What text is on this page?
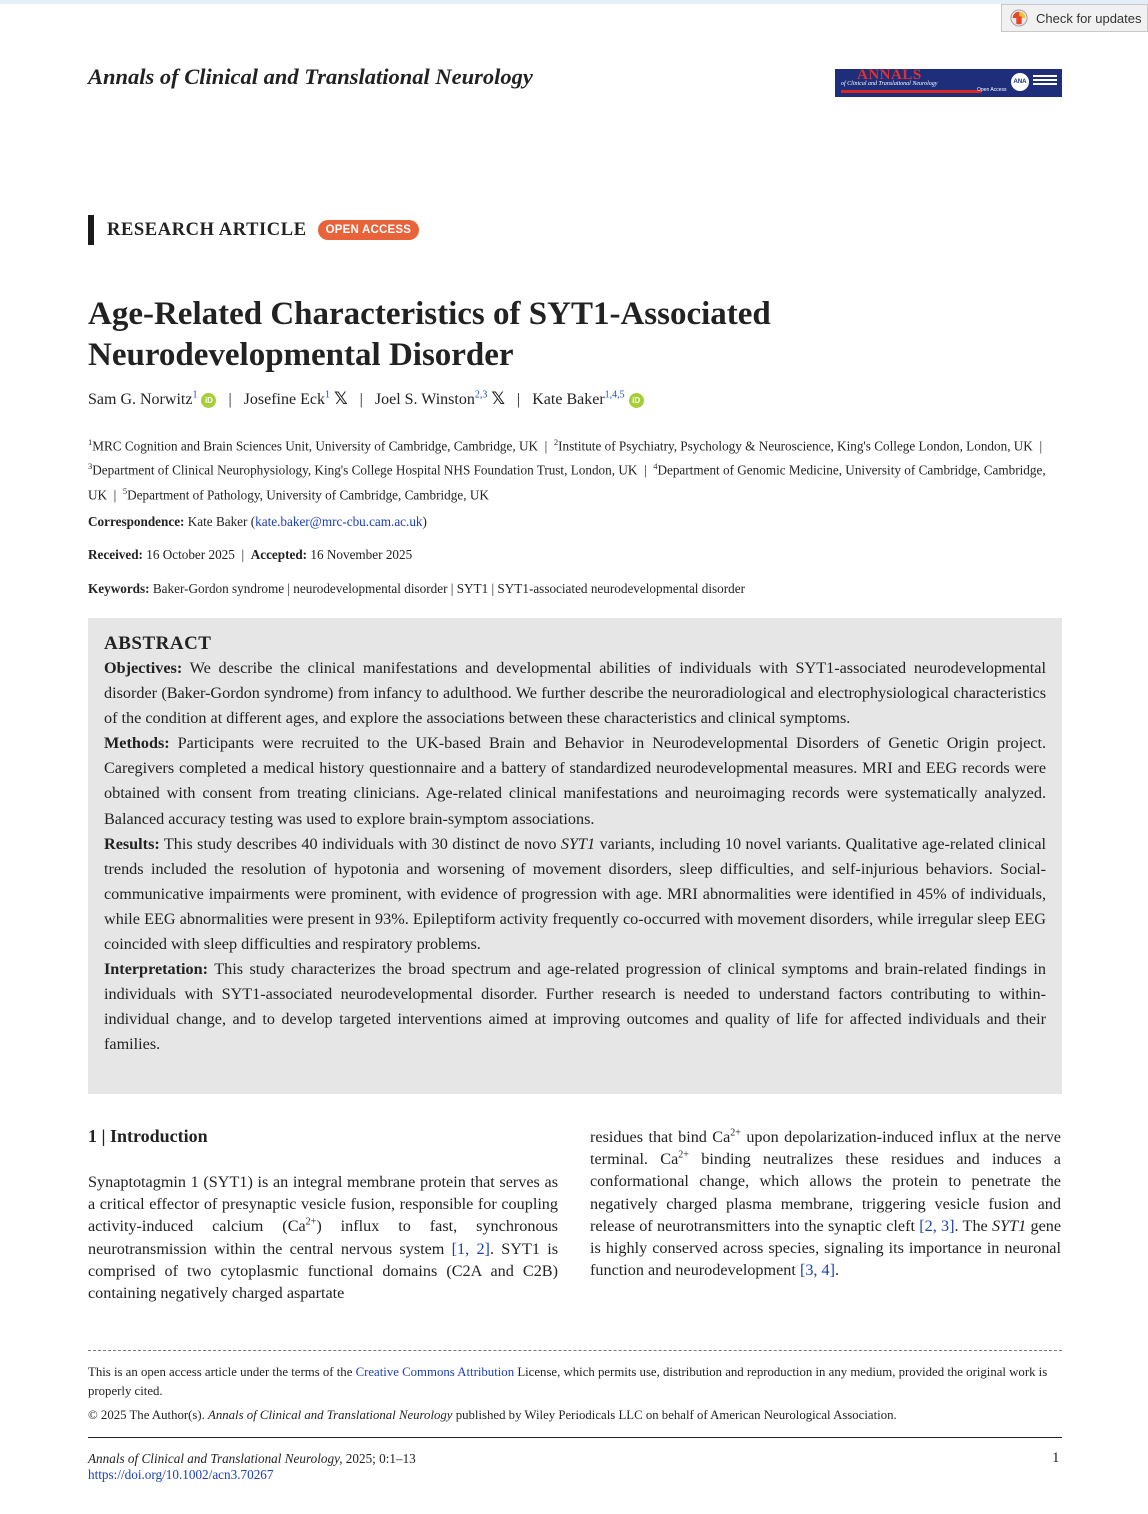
Check for updates
Annals of Clinical and Translational Neurology	ANNALS
of Clinical and Translational Neurology
Open Access
ANA
RESEARCH ARTICLE	OPEN ACCESS
Age-Related Characteristics of SYT1-Associated Neurodevelopmental Disorder
Sam G. Norwitz$^1$ iD | Josefine Eck$^1$ 𝕏 | Joel S. Winston$^{2,3}$ 𝕏 | Kate Baker$^{1,4,5}$ iD
$^1$MRC Cognition and Brain Sciences Unit, University of Cambridge, Cambridge, UK  |  $^2$Institute of Psychiatry, Psychology & Neuroscience, King's College London, London, UK  |  $^3$Department of Clinical Neurophysiology, King's College Hospital NHS Foundation Trust, London, UK  |  $^4$Department of Genomic Medicine, University of Cambridge, Cambridge, UK  |  $^5$Department of Pathology, University of Cambridge, Cambridge, UK
Correspondence: Kate Baker (kate.baker@mrc-cbu.cam.ac.uk)
Received: 16 October 2025  |  Accepted: 16 November 2025
Keywords: Baker-Gordon syndrome | neurodevelopmental disorder | SYT1 | SYT1-associated neurodevelopmental disorder
ABSTRACT

Objectives: We describe the clinical manifestations and developmental abilities of individuals with SYT1-associated neurodevelopmental disorder (Baker-Gordon syndrome) from infancy to adulthood. We further describe the neuroradiological and electrophysiological characteristics of the condition at different ages, and explore the associations between these characteristics and clinical symptoms.

Methods: Participants were recruited to the UK-based Brain and Behavior in Neurodevelopmental Disorders of Genetic Origin project. Caregivers completed a medical history questionnaire and a battery of standardized neurodevelopmental measures. MRI and EEG records were obtained with consent from treating clinicians. Age-related clinical manifestations and neuroimaging records were systematically analyzed. Balanced accuracy testing was used to explore brain-symptom associations.

Results: This study describes 40 individuals with 30 distinct de novo SYT1 variants, including 10 novel variants. Qualitative age-related clinical trends included the resolution of hypotonia and worsening of movement disorders, sleep difficulties, and self-injurious behaviors. Social-communicative impairments were prominent, with evidence of progression with age. MRI abnormalities were identified in 45% of individuals, while EEG abnormalities were present in 93%. Epileptiform activity frequently co-occurred with movement disorders, while irregular sleep EEG coincided with sleep difficulties and respiratory problems.

Interpretation: This study characterizes the broad spectrum and age-related progression of clinical symptoms and brain-related findings in individuals with SYT1-associated neurodevelopmental disorder. Further research is needed to understand factors contributing to within-individual change, and to develop targeted interventions aimed at improving outcomes and quality of life for affected individuals and their families.

1 | Introduction
Synaptotagmin 1 (SYT1) is an integral membrane protein that serves as a critical effector of presynaptic vesicle fusion, responsible for coupling activity-induced calcium $(Ca^{2+})$ influx to fast, synchronous neurotransmission within the central nervous system [1, 2]. SYT1 is comprised of two cytoplasmic functional domains (C2A and C2B) containing negatively charged aspartate
residues that bind $Ca^{2+}$ upon depolarization-induced influx at the nerve terminal. $Ca^{2+}$ binding neutralizes these residues and induces a conformational change, which allows the protein to penetrate the negatively charged plasma membrane, triggering vesicle fusion and release of neurotransmitters into the synaptic cleft [2, 3]. The SYT1 gene is highly conserved across species, signaling its importance in neuronal function and neurodevelopment [3, 4].
This is an open access article under the terms of the Creative Commons Attribution License, which permits use, distribution and reproduction in any medium, provided the original work is properly cited.
© 2025 The Author(s). Annals of Clinical and Translational Neurology published by Wiley Periodicals LLC on behalf of American Neurological Association.
Annals of Clinical and Translational Neurology, 2025; 0:1–13
https://doi.org/10.1002/acn3.70267
1
